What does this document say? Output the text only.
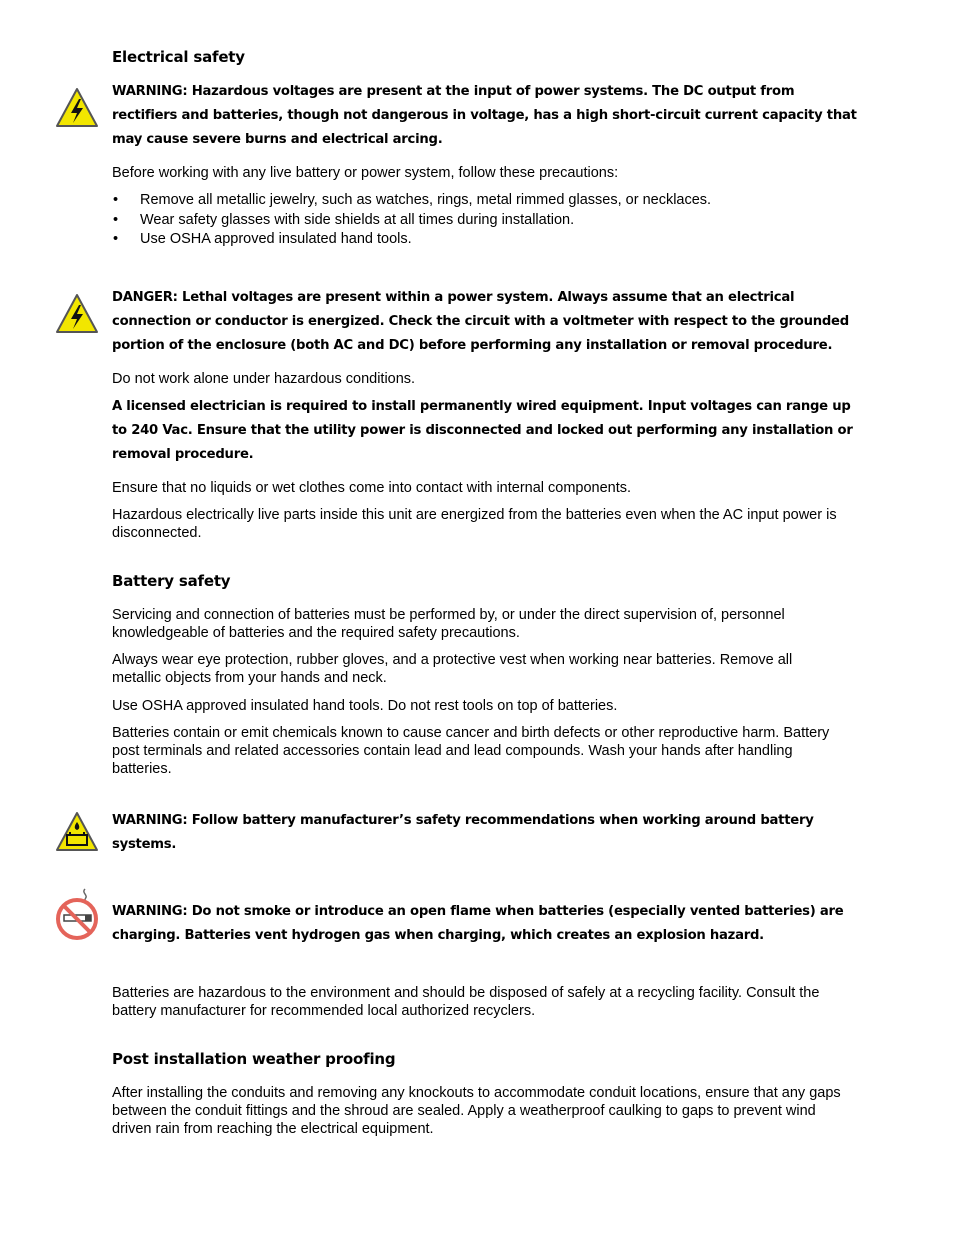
Electrical safety

WARNING: Hazardous voltages are present at the input of power systems. The DC output from

rectifiers and batteries, though not dangerous in voltage, has a high short-circuit current capacity that

may cause severe burns and electrical arcing.

Before working with any live battery or power system, follow these precautions:
• Remove all metallic jewelry, such as watches, rings, metal rimmed glasses, or necklaces.
• Wear safety glasses with side shields at all times during installation.
• Use OSHA approved insulated hand tools.

DANGER: Lethal voltages are present within a power system. Always assume that an electrical

connection or conductor is energized. Check the circuit with a voltmeter with respect to the grounded

portion of the enclosure (both AC and DC) before performing any installation or removal procedure.

Do not work alone under hazardous conditions.

A licensed electrician is required to install permanently wired equipment. Input voltages can range up

to 240 Vac. Ensure that the utility power is disconnected and locked out performing any installation or

removal procedure.

Ensure that no liquids or wet clothes come into contact with internal components.

Hazardous electrically live parts inside this unit are energized from the batteries even when the AC input power is

disconnected.

Battery safety

Servicing and connection of batteries must be performed by, or under the direct supervision of, personnel

knowledgeable of batteries and the required safety precautions.

Always wear eye protection, rubber gloves, and a protective vest when working near batteries. Remove all

metallic objects from your hands and neck.

Use OSHA approved insulated hand tools. Do not rest tools on top of batteries.

Batteries contain or emit chemicals known to cause cancer and birth defects or other reproductive harm. Battery

post terminals and related accessories contain lead and lead compounds. Wash your hands after handling

batteries.

WARNING: Follow battery manufacturer’s safety recommendations when working around battery

systems.

WARNING: Do not smoke or introduce an open flame when batteries (especially vented batteries) are

charging. Batteries vent hydrogen gas when charging, which creates an explosion hazard.

Batteries are hazardous to the environment and should be disposed of safely at a recycling facility. Consult the

battery manufacturer for recommended local authorized recyclers.

Post installation weather proofing

After installing the conduits and removing any knockouts to accommodate conduit locations, ensure that any gaps

between the conduit fittings and the shroud are sealed. Apply a weatherproof caulking to gaps to prevent wind

driven rain from reaching the electrical equipment.
